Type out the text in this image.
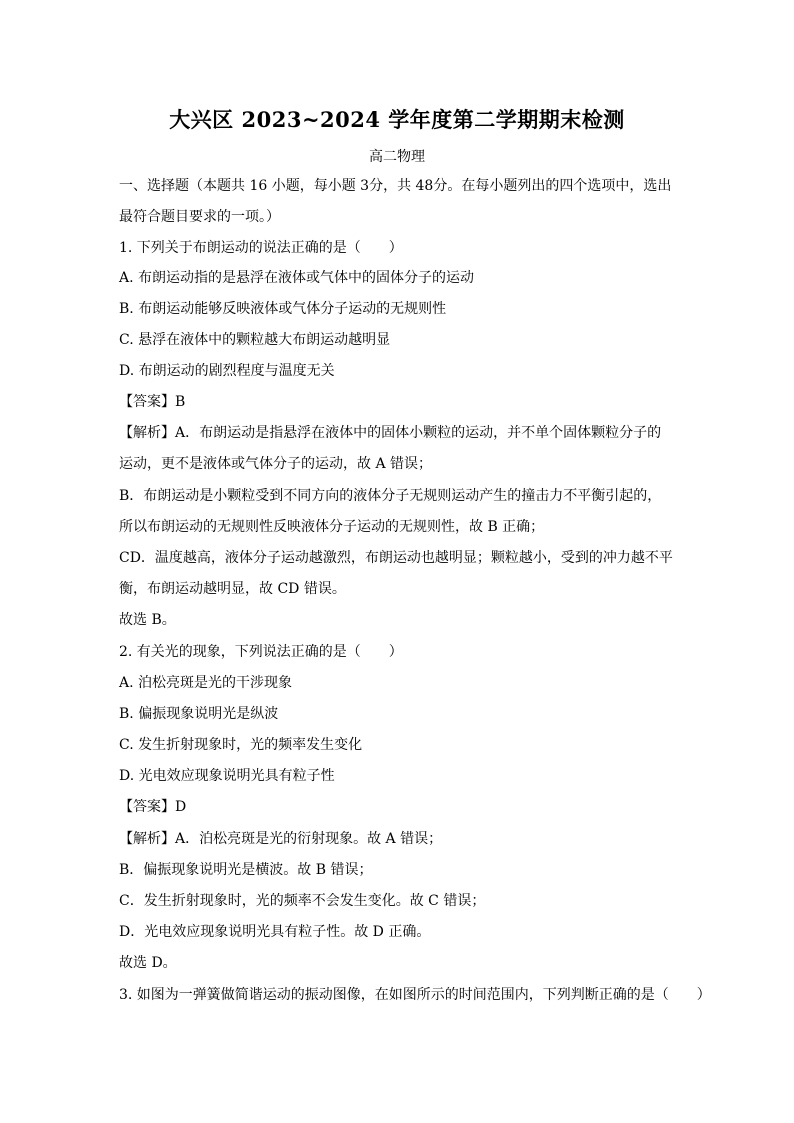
大兴区 2023~2024 学年度第二学期期末检测
高二物理
一、选择题（本题共 16 小题，每小题 3分，共 48分。在每小题列出的四个选项中，选出
最符合题目要求的一项。）
1. 下列关于布朗运动的说法正确的是（　　）
A. 布朗运动指的是悬浮在液体或气体中的固体分子的运动
B. 布朗运动能够反映液体或气体分子运动的无规则性
C. 悬浮在液体中的颗粒越大布朗运动越明显
D. 布朗运动的剧烈程度与温度无关
【答案】B
【解析】A．布朗运动是指悬浮在液体中的固体小颗粒的运动，并不单个固体颗粒分子的
运动，更不是液体或气体分子的运动，故 A 错误；
B．布朗运动是小颗粒受到不同方向的液体分子无规则运动产生的撞击力不平衡引起的，
所以布朗运动的无规则性反映液体分子运动的无规则性，故 B 正确；
CD．温度越高，液体分子运动越激烈，布朗运动也越明显；颗粒越小，受到的冲力越不平
衡，布朗运动越明显，故 CD 错误。
故选 B。
2. 有关光的现象，下列说法正确的是（　　）
A. 泊松亮斑是光的干涉现象
B. 偏振现象说明光是纵波
C. 发生折射现象时，光的频率发生变化
D. 光电效应现象说明光具有粒子性
【答案】D
【解析】A．泊松亮斑是光的衍射现象。故 A 错误；
B．偏振现象说明光是横波。故 B 错误；
C．发生折射现象时，光的频率不会发生变化。故 C 错误；
D．光电效应现象说明光具有粒子性。故 D 正确。
故选 D。
3. 如图为一弹簧做简谐运动的振动图像，在如图所示的时间范围内，下列判断正确的是（　　）
